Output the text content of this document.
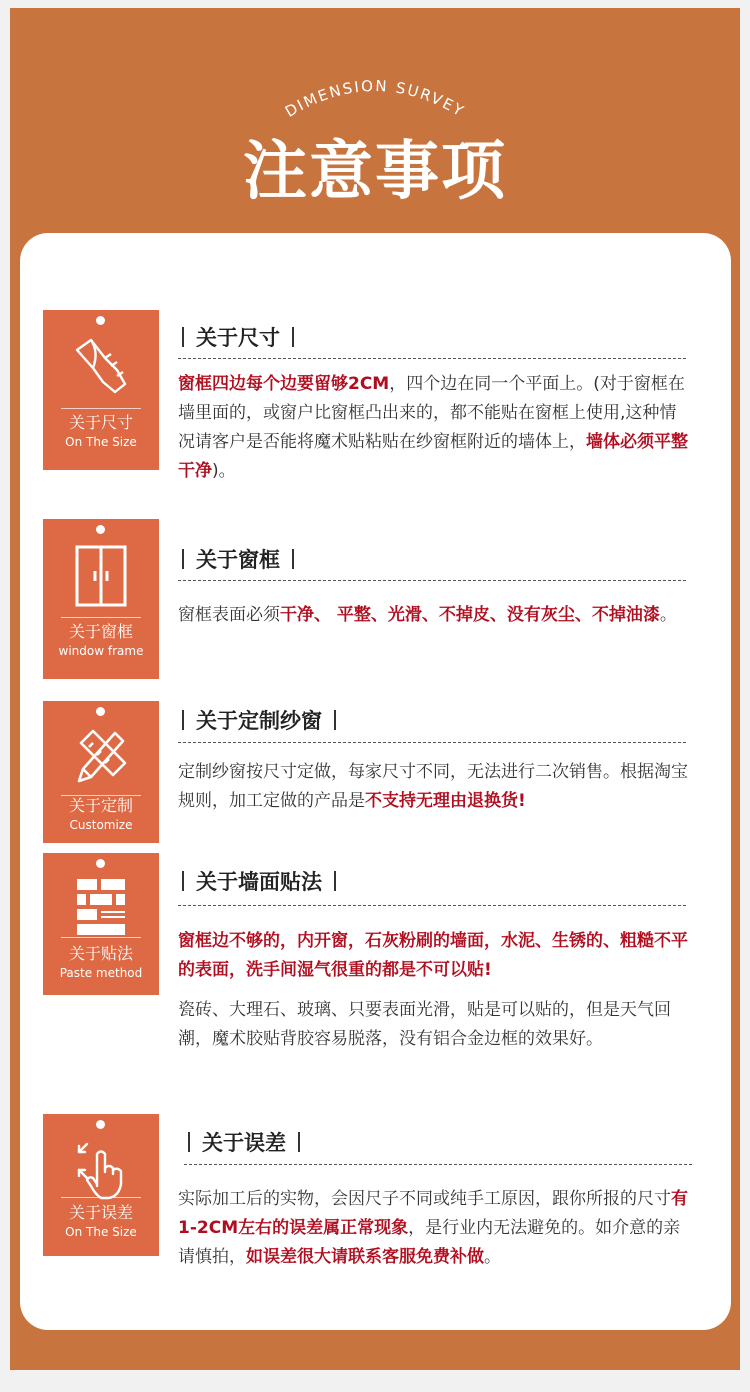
DIMENSION SURVEY
注意事项
关于尺寸
On The Size
关于尺寸
窗框四边每个边要留够2CM，四个边在同一个平面上。(对于窗框在墙里面的，或窗户比窗框凸出来的，都不能贴在窗框上使用,这种情况请客户是否能将魔术贴粘贴在纱窗框附近的墙体上，墙体必须平整干净)。
关于窗框
window frame
关于窗框
窗框表面必须干净、 平整、光滑、不掉皮、没有灰尘、不掉油漆。
关于定制
Customize
关于定制纱窗
定制纱窗按尺寸定做，每家尺寸不同，无法进行二次销售。根据淘宝规则，加工定做的产品是不支持无理由退换货!
关于贴法
Paste method
关于墙面贴法
窗框边不够的，内开窗，石灰粉刷的墙面，水泥、生锈的、粗糙不平的表面，洗手间湿气很重的都是不可以贴!
瓷砖、大理石、玻璃、只要表面光滑，贴是可以贴的，但是天气回潮，魔术胶贴背胶容易脱落，没有铝合金边框的效果好。
关于误差
On The Size
关于误差
实际加工后的实物，会因尺子不同或纯手工原因，跟你所报的尺寸有1-2CM左右的误差属正常现象，是行业内无法避免的。如介意的亲请慎拍，如误差很大请联系客服免费补做。
